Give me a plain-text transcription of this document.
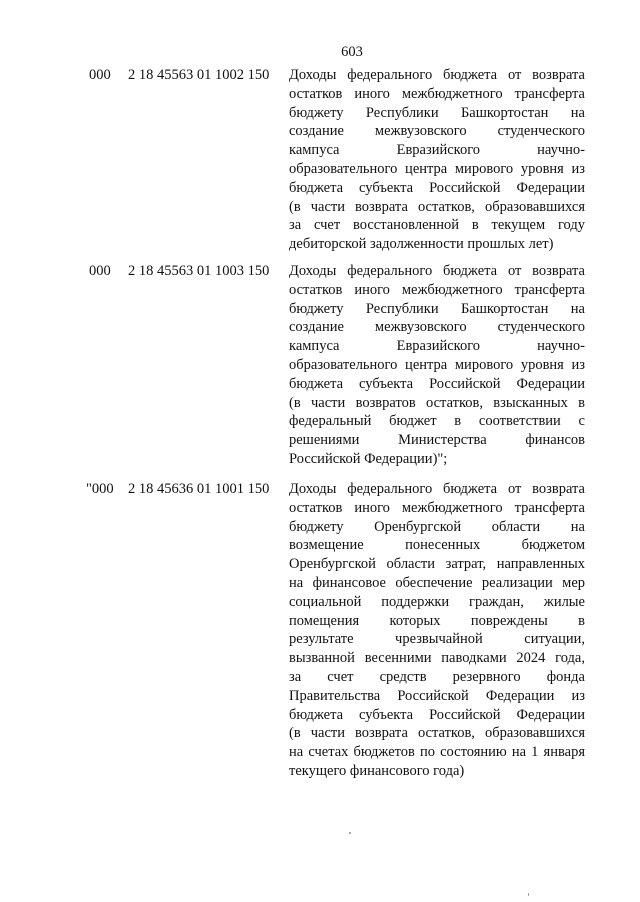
603
000 2 18 45563 01 1002 150 Доходы федерального бюджета от возврата
остатков иного межбюджетного трансферта
бюджету Республики Башкортостан на
создание межвузовского студенческого
кампуса Евразийского научно-
образовательного центра мирового уровня из
бюджета субъекта Российской Федерации
(в части возврата остатков, образовавшихся
за счет восстановленной в текущем году
дебиторской задолженности прошлых лет)
000 2 18 45563 01 1003 150 Доходы федерального бюджета от возврата
остатков иного межбюджетного трансферта
бюджету Республики Башкортостан на
создание межвузовского студенческого
кампуса Евразийского научно-
образовательного центра мирового уровня из
бюджета субъекта Российской Федерации
(в части возвратов остатков, взысканных в
федеральный бюджет в соответствии с
решениями Министерства финансов
Российской Федерации)";
"000 2 18 45636 01 1001 150 Доходы федерального бюджета от возврата
остатков иного межбюджетного трансферта
бюджету Оренбургской области на
возмещение понесенных бюджетом
Оренбургской области затрат, направленных
на финансовое обеспечение реализации мер
социальной поддержки граждан, жилые
помещения которых повреждены в
результате чрезвычайной ситуации,
вызванной весенними паводками 2024 года,
за счет средств резервного фонда
Правительства Российской Федерации из
бюджета субъекта Российской Федерации
(в части возврата остатков, образовавшихся
на счетах бюджетов по состоянию на 1 января
текущего финансового года)
